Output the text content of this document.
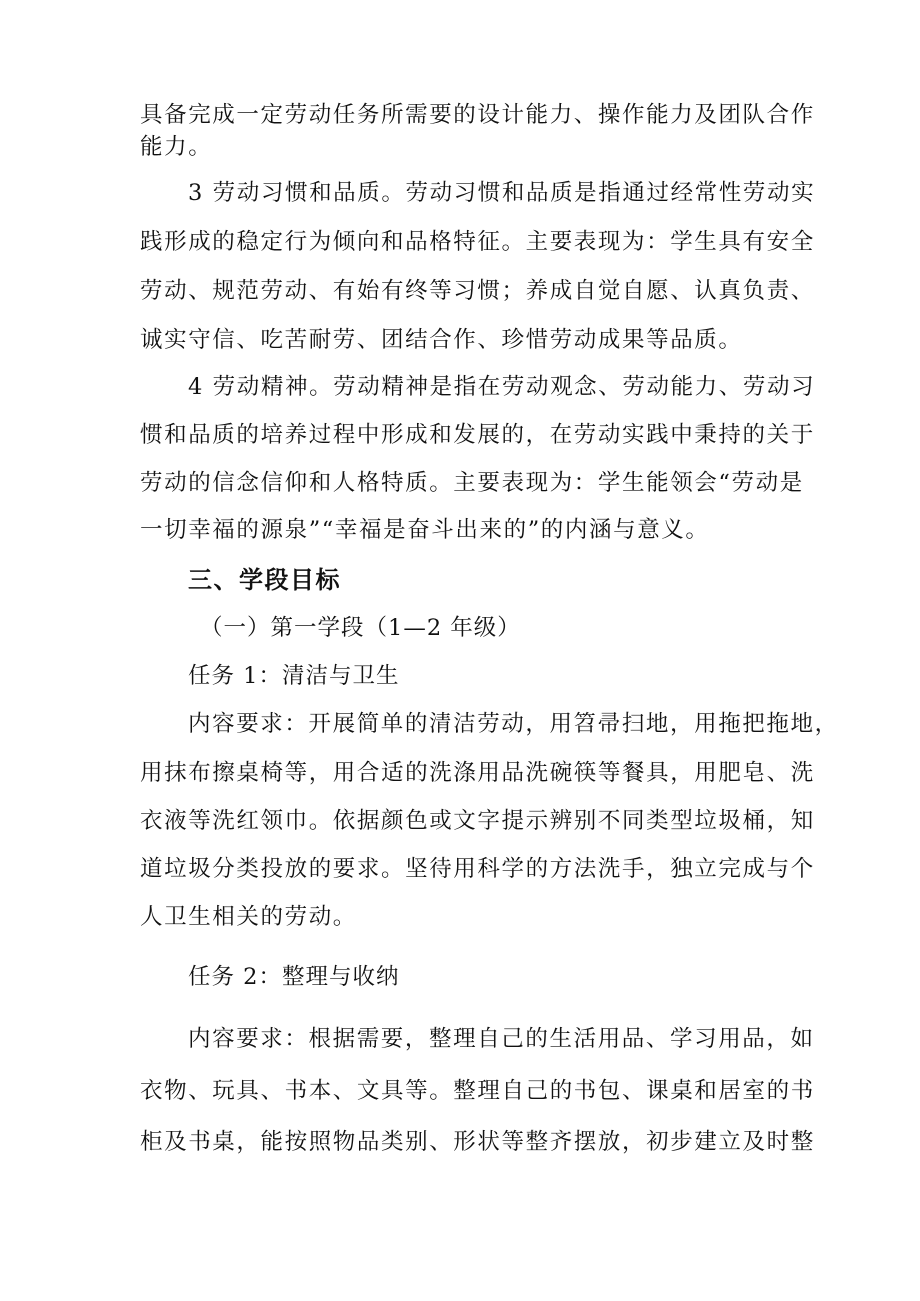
具备完成一定劳动任务所需要的设计能力、操作能力及团队合作
能力。
3 劳动习惯和品质。劳动习惯和品质是指通过经常性劳动实
践形成的稳定行为倾向和品格特征。主要表现为：学生具有安全
劳动、规范劳动、有始有终等习惯；养成自觉自愿、认真负责、
诚实守信、吃苦耐劳、团结合作、珍惜劳动成果等品质。
4 劳动精神。劳动精神是指在劳动观念、劳动能力、劳动习
惯和品质的培养过程中形成和发展的，在劳动实践中秉持的关于
劳动的信念信仰和人格特质。主要表现为：学生能领会“劳动是
一切幸福的源泉”“幸福是奋斗出来的”的内涵与意义。
三、学段目标
（一）第一学段（1—2 年级）
任务 1：清洁与卫生
内容要求：开展简单的清洁劳动，用笤帚扫地，用拖把拖地，
用抹布擦桌椅等，用合适的洗涤用品洗碗筷等餐具，用肥皂、洗
衣液等洗红领巾。依据颜色或文字提示辨别不同类型垃圾桶，知
道垃圾分类投放的要求。坚待用科学的方法洗手，独立完成与个
人卫生相关的劳动。
任务 2：整理与收纳
内容要求：根据需要，整理自己的生活用品、学习用品，如
衣物、玩具、书本、文具等。整理自己的书包、课桌和居室的书
柜及书桌，能按照物品类别、形状等整齐摆放，初步建立及时整
